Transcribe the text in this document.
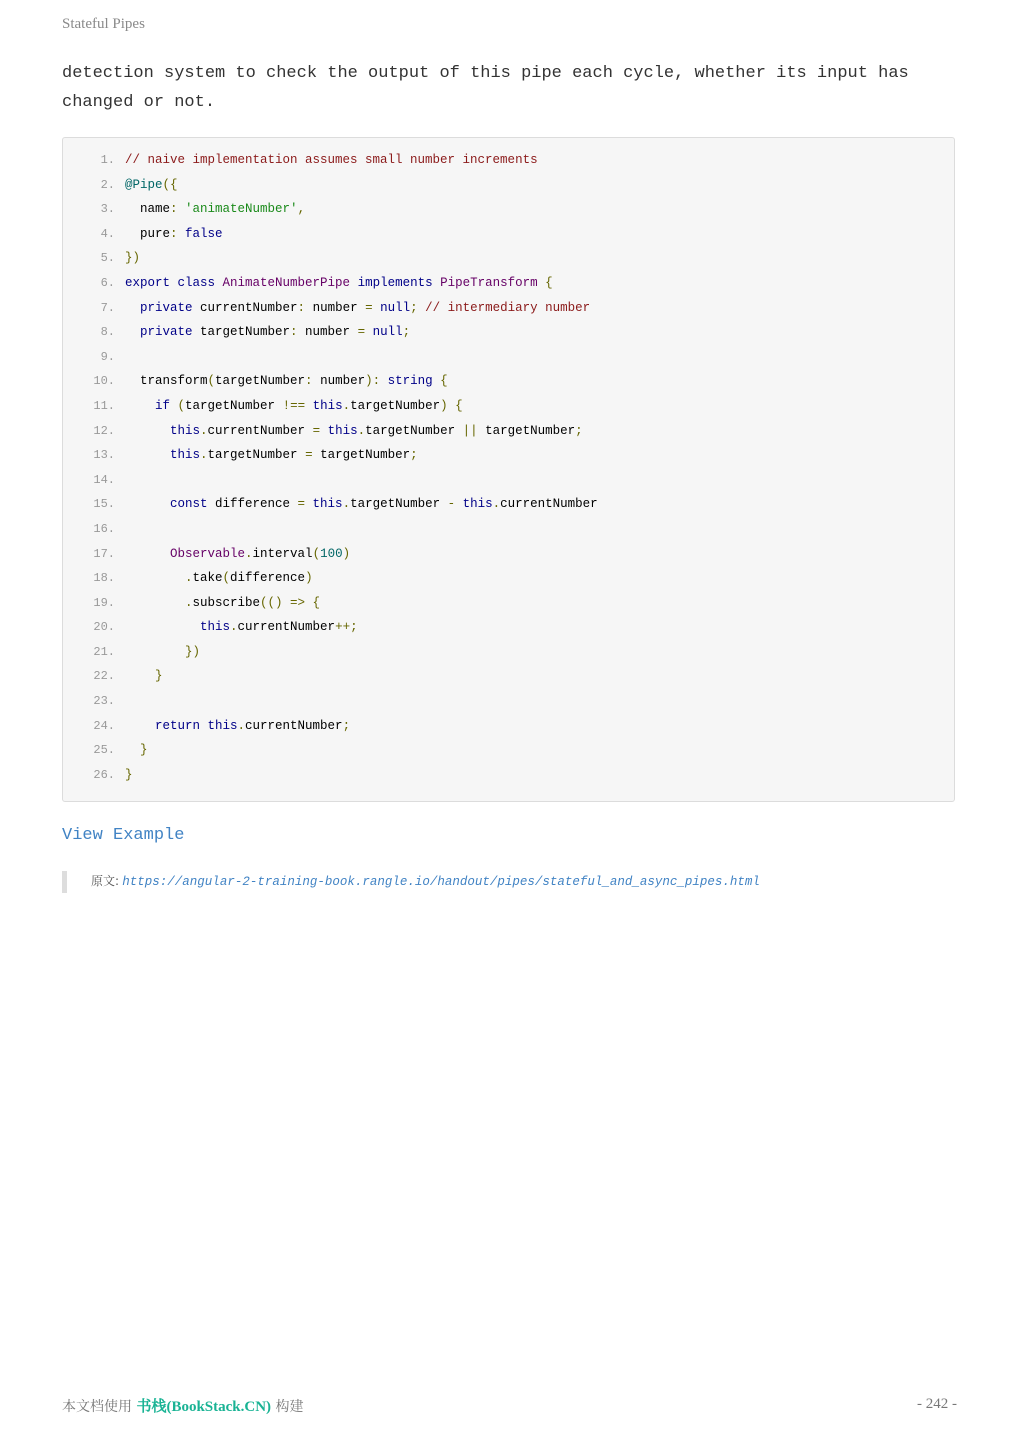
Stateful Pipes
detection system to check the output of this pipe each cycle, whether its input has
changed or not.
1. // naive implementation assumes small number increments
2. @Pipe({
3. name: 'animateNumber',
4. pure: false
5. })
6. export class AnimateNumberPipe implements PipeTransform {
7. private currentNumber: number = null; // intermediary number
8. private targetNumber: number = null;
9.
10. transform(targetNumber: number): string {
11. if (targetNumber !== this.targetNumber) {
12. this.currentNumber = this.targetNumber || targetNumber;
13. this.targetNumber = targetNumber;
14.
15. const difference = this.targetNumber - this.currentNumber
16.
17. Observable.interval(100)
18. .take(difference)
19. .subscribe(() => {
20. this.currentNumber++;
21. })
22. }
23.
24. return this.currentNumber;
25. }
26. }
View Example
原文: https://angular-2-training-book.rangle.io/handout/pipes/stateful_and_async_pipes.html
本文档使用 书栈(BookStack.CN) 构建	- 242 -
